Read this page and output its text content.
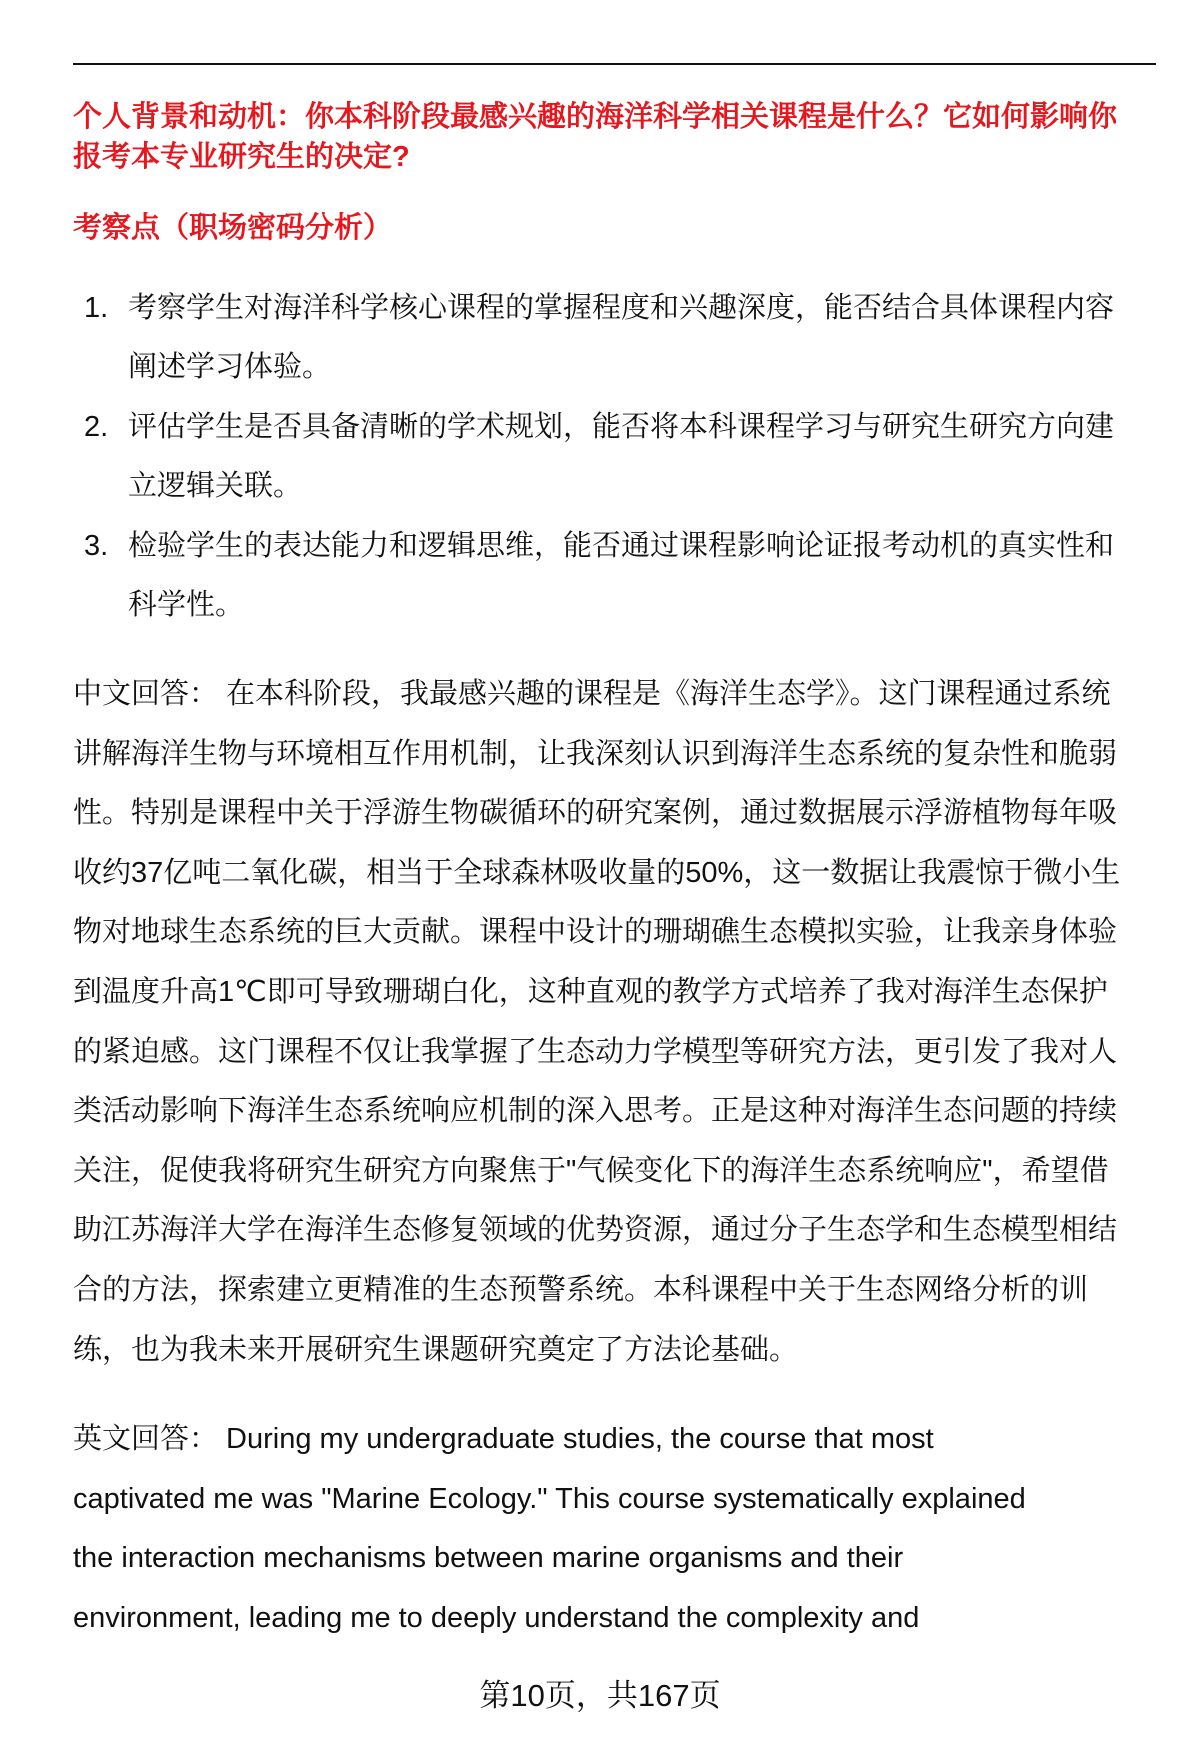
个人背景和动机：你本科阶段最感兴趣的海洋科学相关课程是什么？它如何影响你
报考本专业研究生的决定?
考察点（职场密码分析）
1. 考察学生对海洋科学核心课程的掌握程度和兴趣深度，能否结合具体课程内容
阐述学习体验。
2. 评估学生是否具备清晰的学术规划，能否将本科课程学习与研究生研究方向建
立逻辑关联。
3. 检验学生的表达能力和逻辑思维，能否通过课程影响论证报考动机的真实性和
科学性。
中文回答： 在本科阶段，我最感兴趣的课程是《海洋生态学》。这门课程通过系统
讲解海洋生物与环境相互作用机制，让我深刻认识到海洋生态系统的复杂性和脆弱
性。特别是课程中关于浮游生物碳循环的研究案例，通过数据展示浮游植物每年吸
收约37亿吨二氧化碳，相当于全球森林吸收量的50%，这一数据让我震惊于微小生
物对地球生态系统的巨大贡献。课程中设计的珊瑚礁生态模拟实验，让我亲身体验
到温度升高1℃即可导致珊瑚白化，这种直观的教学方式培养了我对海洋生态保护
的紧迫感。这门课程不仅让我掌握了生态动力学模型等研究方法，更引发了我对人
类活动影响下海洋生态系统响应机制的深入思考。正是这种对海洋生态问题的持续
关注，促使我将研究生研究方向聚焦于"气候变化下的海洋生态系统响应"，希望借
助江苏海洋大学在海洋生态修复领域的优势资源，通过分子生态学和生态模型相结
合的方法，探索建立更精准的生态预警系统。本科课程中关于生态网络分析的训
练，也为我未来开展研究生课题研究奠定了方法论基础。
英文回答： During my undergraduate studies, the course that most
captivated me was "Marine Ecology." This course systematically explained
the interaction mechanisms between marine organisms and their
environment, leading me to deeply understand the complexity and
第10页，共167页
